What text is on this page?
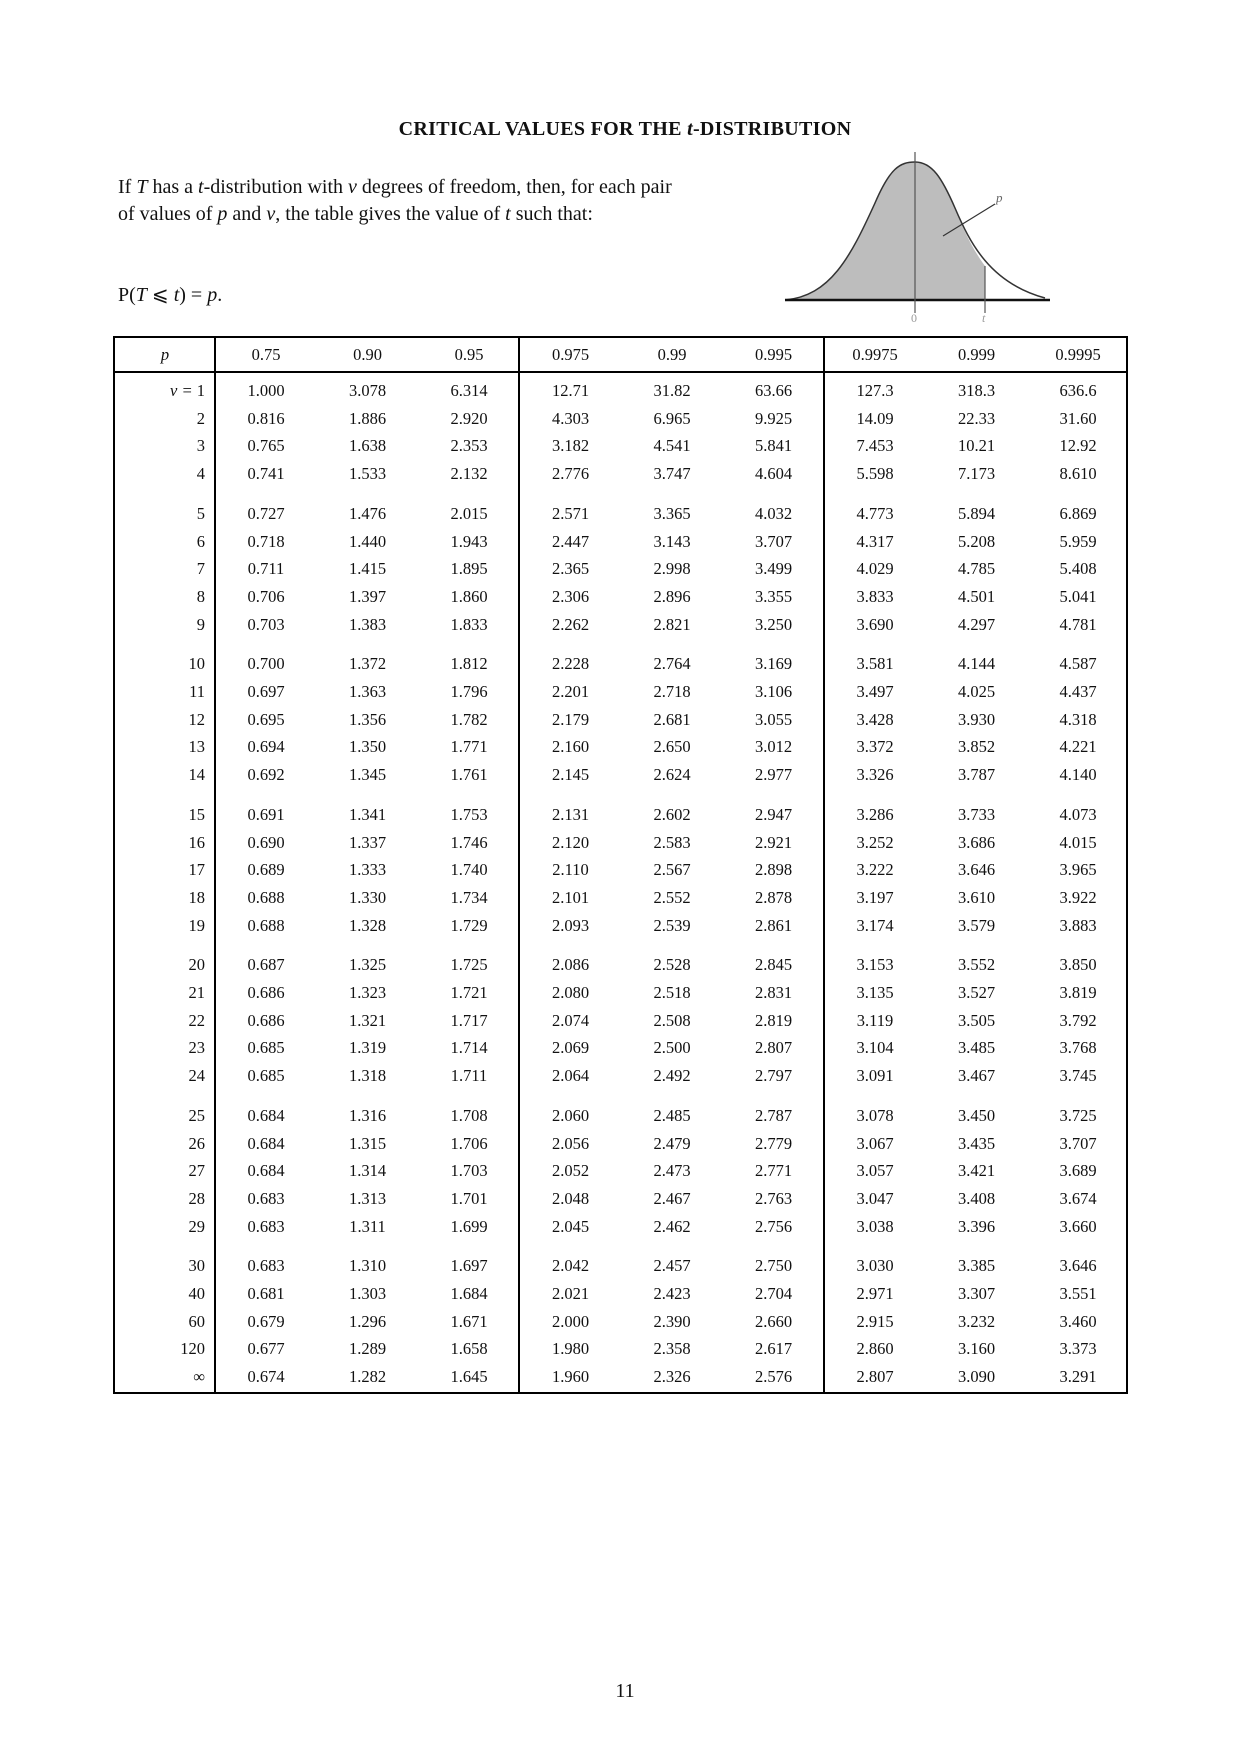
CRITICAL VALUES FOR THE t-DISTRIBUTION
If T has a t-distribution with ν degrees of freedom, then, for each pair of values of p and ν, the table gives the value of t such that:
P(T ⩽ t) = p.
p
0	t
p	0.75	0.90	0.95	0.975	0.99	0.995	0.9975	0.999	0.9995
ν = 1	1.000	3.078	6.314	12.71	31.82	63.66	127.3	318.3	636.6
2	0.816	1.886	2.920	4.303	6.965	9.925	14.09	22.33	31.60
3	0.765	1.638	2.353	3.182	4.541	5.841	7.453	10.21	12.92
4	0.741	1.533	2.132	2.776	3.747	4.604	5.598	7.173	8.610
5	0.727	1.476	2.015	2.571	3.365	4.032	4.773	5.894	6.869
6	0.718	1.440	1.943	2.447	3.143	3.707	4.317	5.208	5.959
7	0.711	1.415	1.895	2.365	2.998	3.499	4.029	4.785	5.408
8	0.706	1.397	1.860	2.306	2.896	3.355	3.833	4.501	5.041
9	0.703	1.383	1.833	2.262	2.821	3.250	3.690	4.297	4.781
10	0.700	1.372	1.812	2.228	2.764	3.169	3.581	4.144	4.587
11	0.697	1.363	1.796	2.201	2.718	3.106	3.497	4.025	4.437
12	0.695	1.356	1.782	2.179	2.681	3.055	3.428	3.930	4.318
13	0.694	1.350	1.771	2.160	2.650	3.012	3.372	3.852	4.221
14	0.692	1.345	1.761	2.145	2.624	2.977	3.326	3.787	4.140
15	0.691	1.341	1.753	2.131	2.602	2.947	3.286	3.733	4.073
16	0.690	1.337	1.746	2.120	2.583	2.921	3.252	3.686	4.015
17	0.689	1.333	1.740	2.110	2.567	2.898	3.222	3.646	3.965
18	0.688	1.330	1.734	2.101	2.552	2.878	3.197	3.610	3.922
19	0.688	1.328	1.729	2.093	2.539	2.861	3.174	3.579	3.883
20	0.687	1.325	1.725	2.086	2.528	2.845	3.153	3.552	3.850
21	0.686	1.323	1.721	2.080	2.518	2.831	3.135	3.527	3.819
22	0.686	1.321	1.717	2.074	2.508	2.819	3.119	3.505	3.792
23	0.685	1.319	1.714	2.069	2.500	2.807	3.104	3.485	3.768
24	0.685	1.318	1.711	2.064	2.492	2.797	3.091	3.467	3.745
25	0.684	1.316	1.708	2.060	2.485	2.787	3.078	3.450	3.725
26	0.684	1.315	1.706	2.056	2.479	2.779	3.067	3.435	3.707
27	0.684	1.314	1.703	2.052	2.473	2.771	3.057	3.421	3.689
28	0.683	1.313	1.701	2.048	2.467	2.763	3.047	3.408	3.674
29	0.683	1.311	1.699	2.045	2.462	2.756	3.038	3.396	3.660
30	0.683	1.310	1.697	2.042	2.457	2.750	3.030	3.385	3.646
40	0.681	1.303	1.684	2.021	2.423	2.704	2.971	3.307	3.551
60	0.679	1.296	1.671	2.000	2.390	2.660	2.915	3.232	3.460
120	0.677	1.289	1.658	1.980	2.358	2.617	2.860	3.160	3.373
∞	0.674	1.282	1.645	1.960	2.326	2.576	2.807	3.090	3.291
11
